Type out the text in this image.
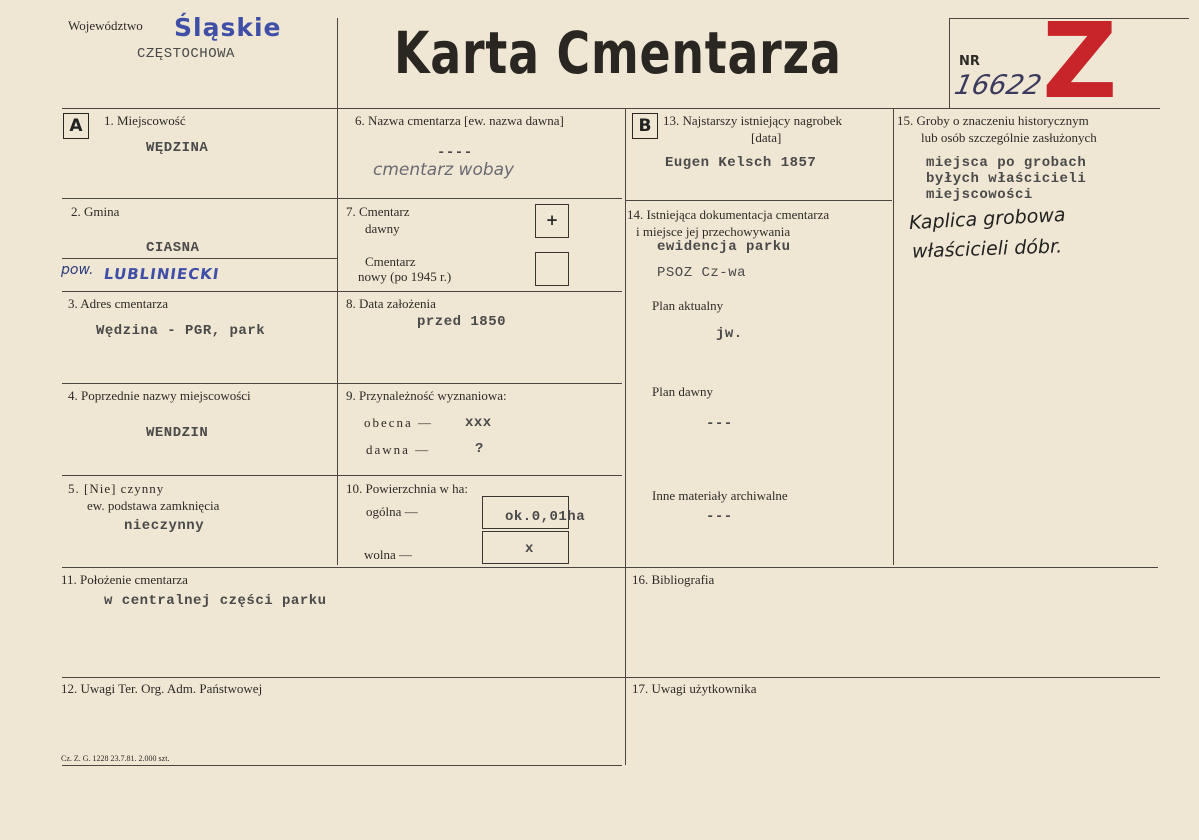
Województwo Śląskie
CZĘSTOCHOWA	Karta Cmentarza	NR
16622
Z
A	1. Miejscowość
WĘDZINA
2. Gmina
CIASNA
pow. LUBLINIECKI
3. Adres cmentarza
Wędzina - PGR, park
4. Poprzednie nazwy miejscowości
WENDZIN
5. [Nie] czynny
ew. podstawa zamknięcia
nieczynny
6. Nazwa cmentarza [ew. nazwa dawna]
----
cmentarz wobay
7. Cmentarz
dawny	+
Cmentarz
nowy (po 1945 r.)
8. Data założenia
przed 1850
9. Przynależność wyznaniowa:
obecna — xxx
dawna —	?
10. Powierzchnia w ha:
ogólna —	ok.0,01ha
wolna —	x
11. Położenie cmentarza
w centralnej części parku
12. Uwagi Ter. Org. Adm. Państwowej
Cz. Z. G. 1228 23.7.81. 2.000 szt.
B 13. Najstarszy istniejący nagrobek
[data]
Eugen Kelsch 1857
14. Istniejąca dokumentacja cmentarza
i miejsce jej przechowywania
ewidencja parku
PSOZ Cz-wa
Plan aktualny
jw.
Plan dawny
---
Inne materiały archiwalne
---
15. Groby o znaczeniu historycznym
lub osób szczególnie zasłużonych
miejsca po grobach
byłych właścicieli
miejscowości
Kaplica grobowa
właścicieli dóbr.
16. Bibliografia
17. Uwagi użytkownika
